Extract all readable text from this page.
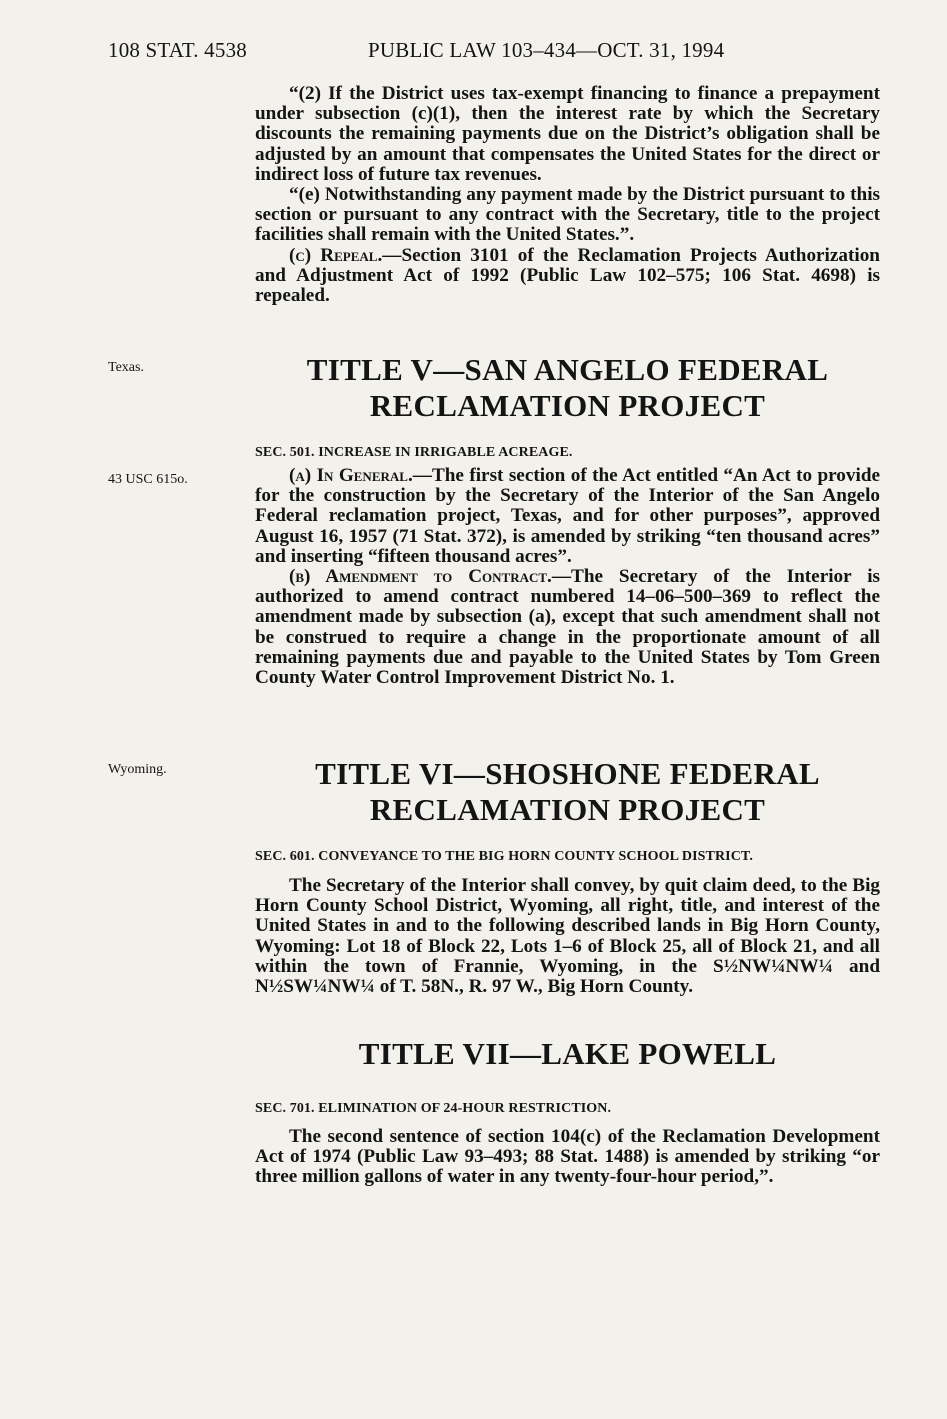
108 STAT. 4538	PUBLIC LAW 103–434—OCT. 31, 1994

“(2) If the District uses tax-exempt financing to finance a prepayment under subsection (c)(1), then the interest rate by which the Secretary discounts the remaining payments due on the District’s obligation shall be adjusted by an amount that compensates the United States for the direct or indirect loss of future tax revenues.

“(e) Notwithstanding any payment made by the District pursuant to this section or pursuant to any contract with the Secretary, title to the project facilities shall remain with the United States.”.

(c) Repeal.—Section 3101 of the Reclamation Projects Authorization and Adjustment Act of 1992 (Public Law 102–575; 106 Stat. 4698) is repealed.

Texas.	TITLE V—SAN ANGELO FEDERAL RECLAMATION PROJECT
SEC. 501. INCREASE IN IRRIGABLE ACREAGE.
43 USC 615o.	(a) In General.—The first section of the Act entitled “An Act to provide for the construction by the Secretary of the Interior of the San Angelo Federal reclamation project, Texas, and for other purposes”, approved August 16, 1957 (71 Stat. 372), is amended by striking “ten thousand acres” and inserting “fifteen thousand acres”.

(b) Amendment to Contract.—The Secretary of the Interior is authorized to amend contract numbered 14–06–500–369 to reflect the amendment made by subsection (a), except that such amendment shall not be construed to require a change in the proportionate amount of all remaining payments due and payable to the United States by Tom Green County Water Control Improvement District No. 1.

Wyoming.	TITLE VI—SHOSHONE FEDERAL RECLAMATION PROJECT
SEC. 601. CONVEYANCE TO THE BIG HORN COUNTY SCHOOL DISTRICT.

The Secretary of the Interior shall convey, by quit claim deed, to the Big Horn County School District, Wyoming, all right, title, and interest of the United States in and to the following described lands in Big Horn County, Wyoming: Lot 18 of Block 22, Lots 1–6 of Block 25, all of Block 21, and all within the town of Frannie, Wyoming, in the S½NW¼NW¼ and N½SW¼NW¼ of T. 58N., R. 97 W., Big Horn County.

TITLE VII—LAKE POWELL
SEC. 701. ELIMINATION OF 24-HOUR RESTRICTION.

The second sentence of section 104(c) of the Reclamation Development Act of 1974 (Public Law 93–493; 88 Stat. 1488) is amended by striking “or three million gallons of water in any twenty-four-hour period,”.
